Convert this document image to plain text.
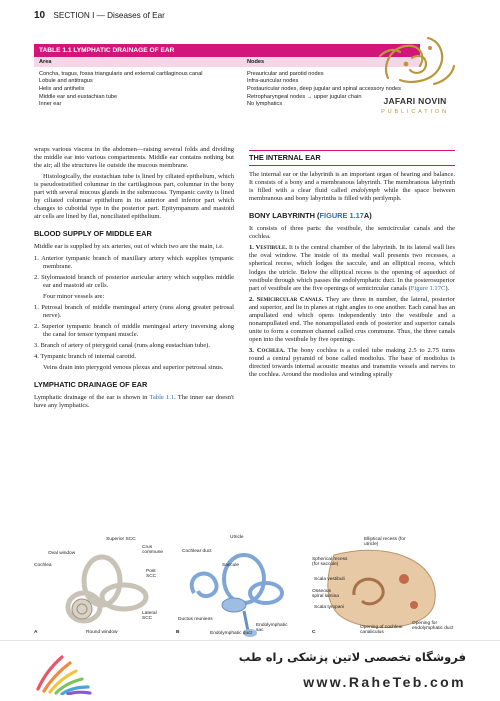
10 SECTION I — Diseases of Ear
TABLE 1.1 LYMPHATIC DRAINAGE OF EAR
Area	Nodes
Concha, tragus, fossa triangularis and external cartilaginous canal	Preauricular and parotid nodes
Lobule and antitragus	Infra-auricular nodes
Helix and antihelix	Postauricular nodes, deep jugular and spinal accessory nodes
Middle ear and eustachian tube	Retropharyngeal nodes → upper jugular chain
Inner ear	No lymphatics	JAFARI NOVIN
PUBLICATION

wraps various viscera in the abdomen—raising several folds and dividing the middle ear into various compartments. Middle ear contains nothing but the air; all the structures lie outside the mucous membrane.

Histologically, the eustachian tube is lined by ciliated epithelium, which is pseudostratified columnar in the cartilaginous part, columnar in the bony part with several mucous glands in the submucosa. Tympanic cavity is lined by ciliated columnar epithelium in its anterior and inferior part which changes to cuboidal type in the posterior part. Epitympanum and mastoid air cells are lined by flat, nonciliated epithelium.

BLOOD SUPPLY OF MIDDLE EAR

Middle ear is supplied by six arteries, out of which two are the main, i.e.

1. Anterior tympanic branch of maxillary artery which supplies tympanic membrane.

2. Stylomastoid branch of posterior auricular artery which supplies middle ear and mastoid air cells.

Four minor vessels are:

1. Petrosal branch of middle meningeal artery (runs along greater petrosal nerve).

2. Superior tympanic branch of middle meningeal artery traversing along the canal for tensor tympani muscle.

3. Branch of artery of pterygoid canal (runs along eustachian tube).

4. Tympanic branch of internal carotid.

Veins drain into pterygoid venous plexus and superior petrosal sinus.

LYMPHATIC DRAINAGE OF EAR

Lymphatic drainage of the ear is shown in Table 1.1. The inner ear doesn't have any lymphatics.

THE INTERNAL EAR

The internal ear or the labyrinth is an important organ of hearing and balance. It consists of a bony and a membranous labyrinth. The membranous labyrinth is filled with a clear fluid called endolymph while the space between membranous and bony labyrinths is filled with perilymph.

BONY LABYRINTH (FIGURE 1.17A)

It consists of three parts: the vestibule, the semicircular canals and the cochlea.

1. Vestibule. It is the central chamber of the labyrinth. In its lateral wall lies the oval window. The inside of its medial wall presents two recesses, a spherical recess, which lodges the saccule, and an elliptical recess, which lodges the utricle. Below the elliptical recess is the opening of aqueduct of vestibule through which passes the endolymphatic duct. In the posterosuperior part of vestibule are the five openings of semicircular canals (Figure 1.17C).

2. Semicircular Canals. They are three in number, the lateral, posterior and superior, and lie in planes at right angles to one another. Each canal has an ampullated end which opens independently into the vestibule and a nonampullated end. The nonampullated ends of posterior and superior canals unite to form a common channel called crus commune. Thus, the three canals open into the vestibule by five openings.

3. Cochlea. The bony cochlea is a coiled tube making 2.5 to 2.75 turns round a central pyramid of bone called modiolus. The base of modiolus is directed towards internal acoustic meatus and transmits vessels and nerves to the cochlea. Around the modiolus and winding spirally

Superior SCC
Crus commune
Oval window
Post SCC
Cochlea
Lateral SCC
Round window
A
Cochlear duct
Utricle
Saccule
Ductus reuniens
Endolymphatic sac
Endolymphatic duct
B
Elliptical recess (for utricle)
Spherical recess (for saccule)
Scala vestibuli
Osseous spiral lamina
Scala tympani
Opening for endolymphatic duct
Opening of cochlear canaliculus
C
فروشگاه تخصصی لاتین پزشکی راه طب
www.RaheTeb.com
